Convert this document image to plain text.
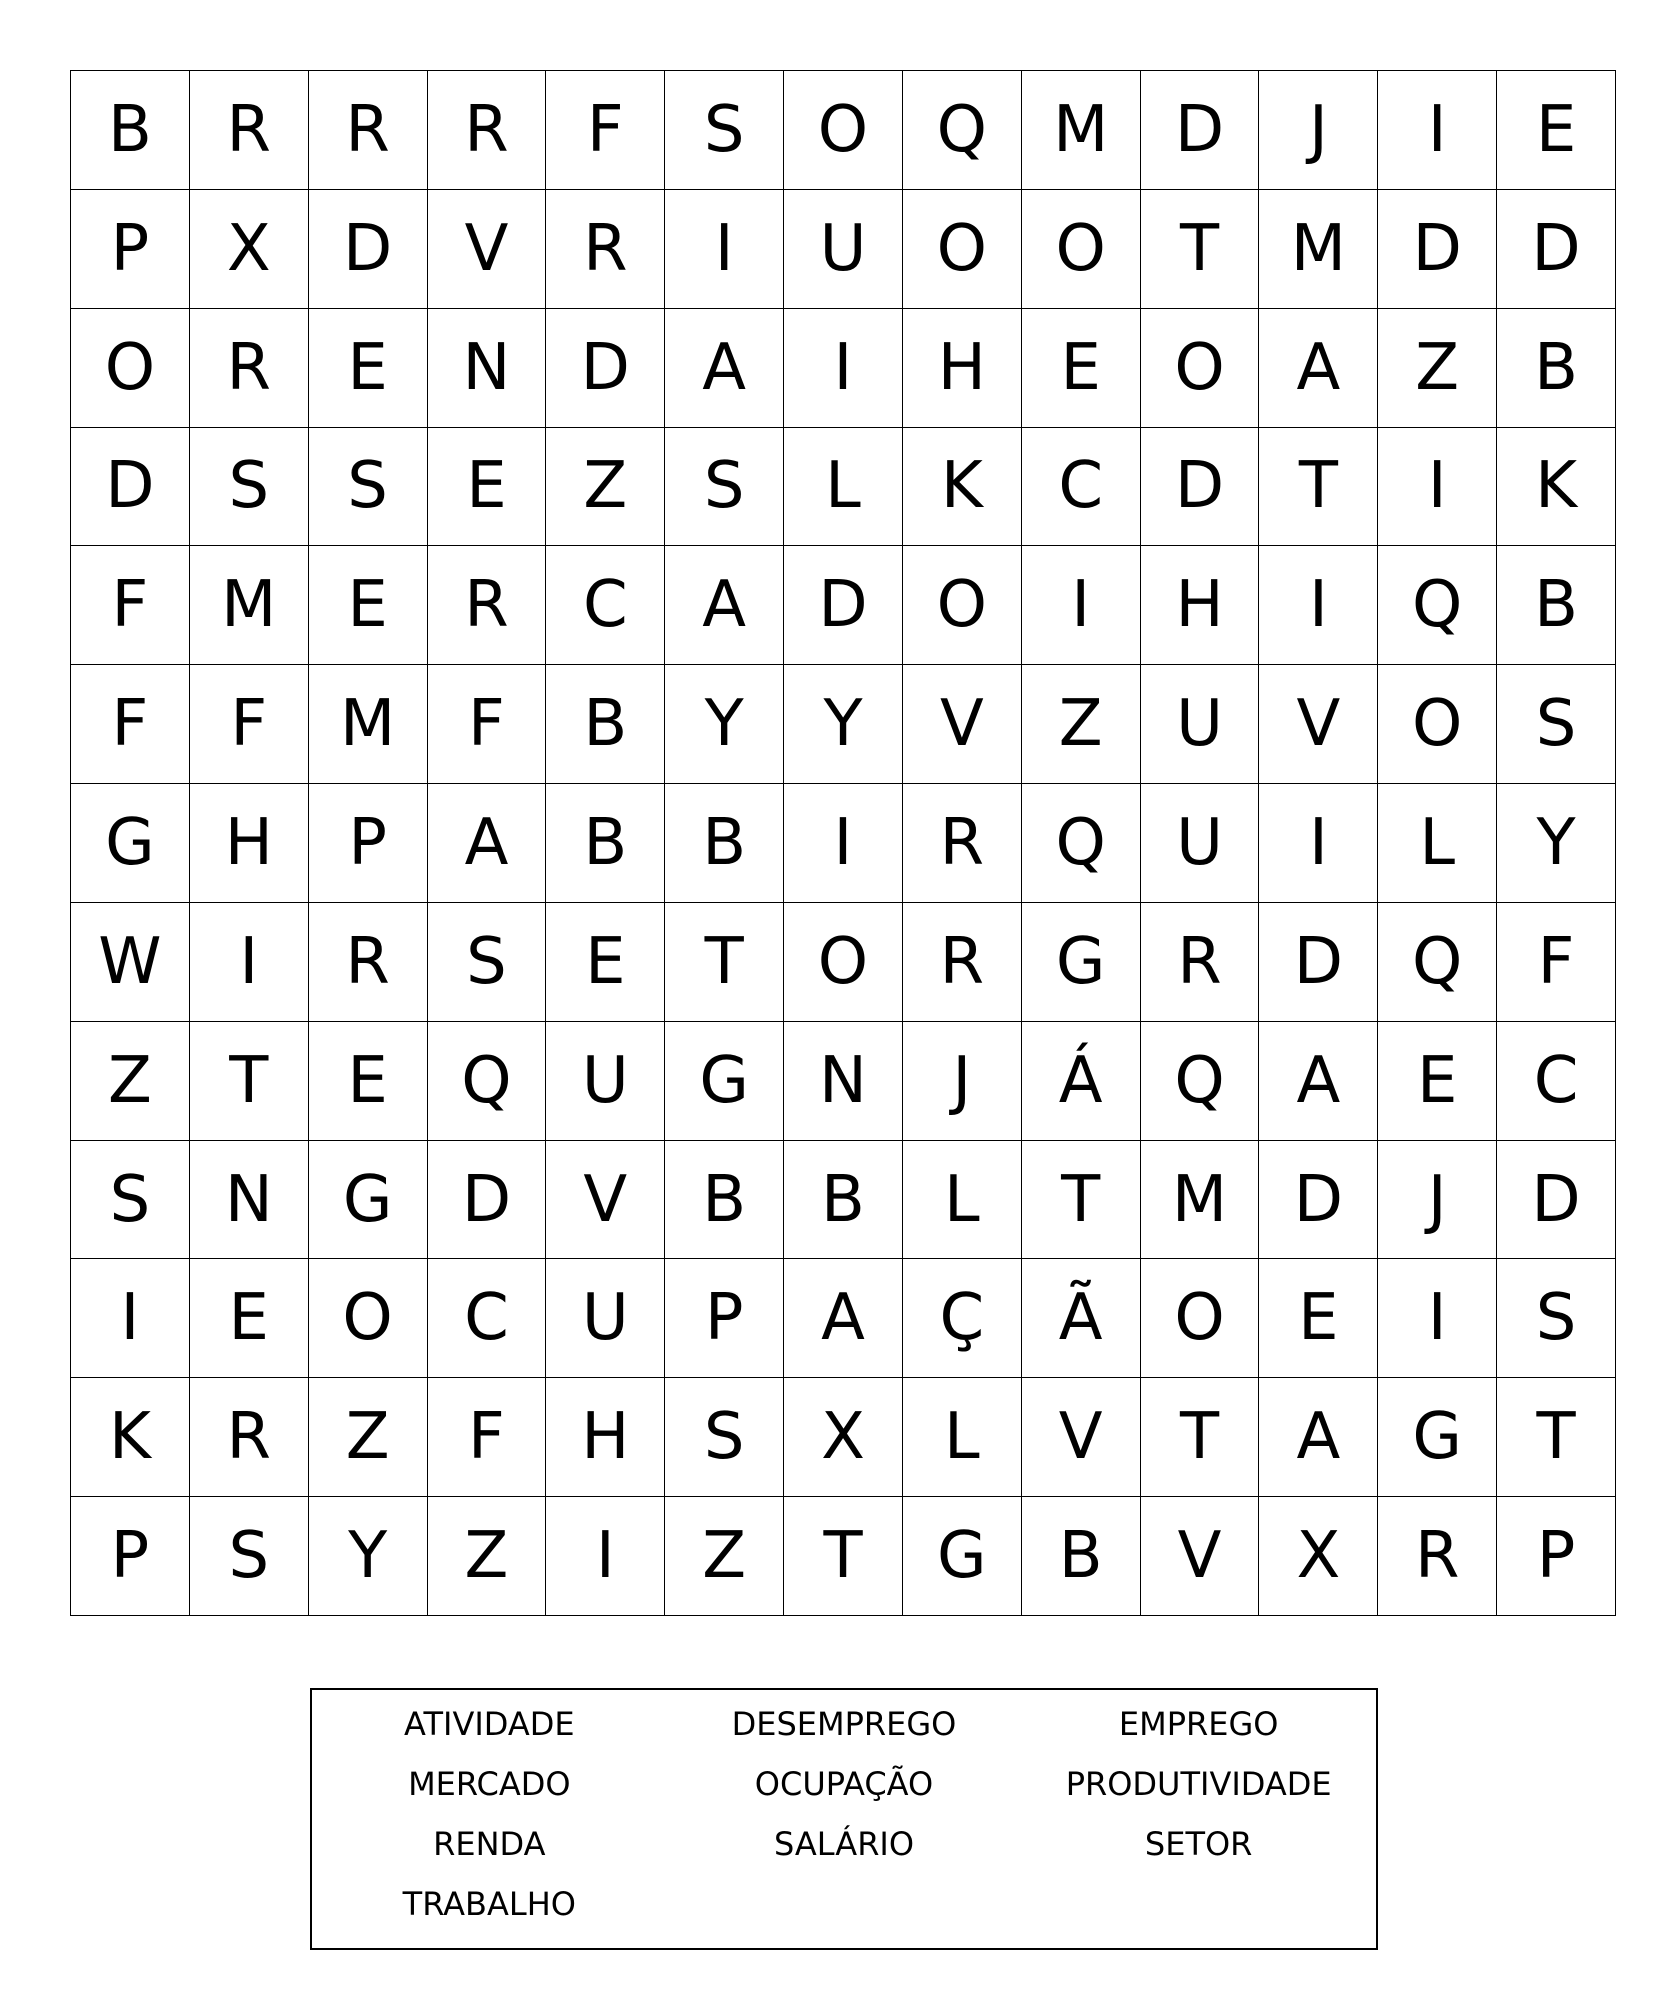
B	R	R	R	F	S	O	Q	M	D	J	I	E
P	X	D	V	R	I	U	O	O	T	M	D	D
O	R	E	N	D	A	I	H	E	O	A	Z	B
D	S	S	E	Z	S	L	K	C	D	T	I	K
F	M	E	R	C	A	D	O	I	H	I	Q	B
F	F	M	F	B	Y	Y	V	Z	U	V	O	S
G	H	P	A	B	B	I	R	Q	U	I	L	Y
W	I	R	S	E	T	O	R	G	R	D	Q	F
Z	T	E	Q	U	G	N	J	Á	Q	A	E	C
S	N	G	D	V	B	B	L	T	M	D	J	D
I	E	O	C	U	P	A	Ç	Ã	O	E	I	S
K	R	Z	F	H	S	X	L	V	T	A	G	T
P	S	Y	Z	I	Z	T	G	B	V	X	R	P
ATIVIDADE	DESEMPREGO	EMPREGO
MERCADO	OCUPAÇÃO	PRODUTIVIDADE
RENDA	SALÁRIO	SETOR
TRABALHO
